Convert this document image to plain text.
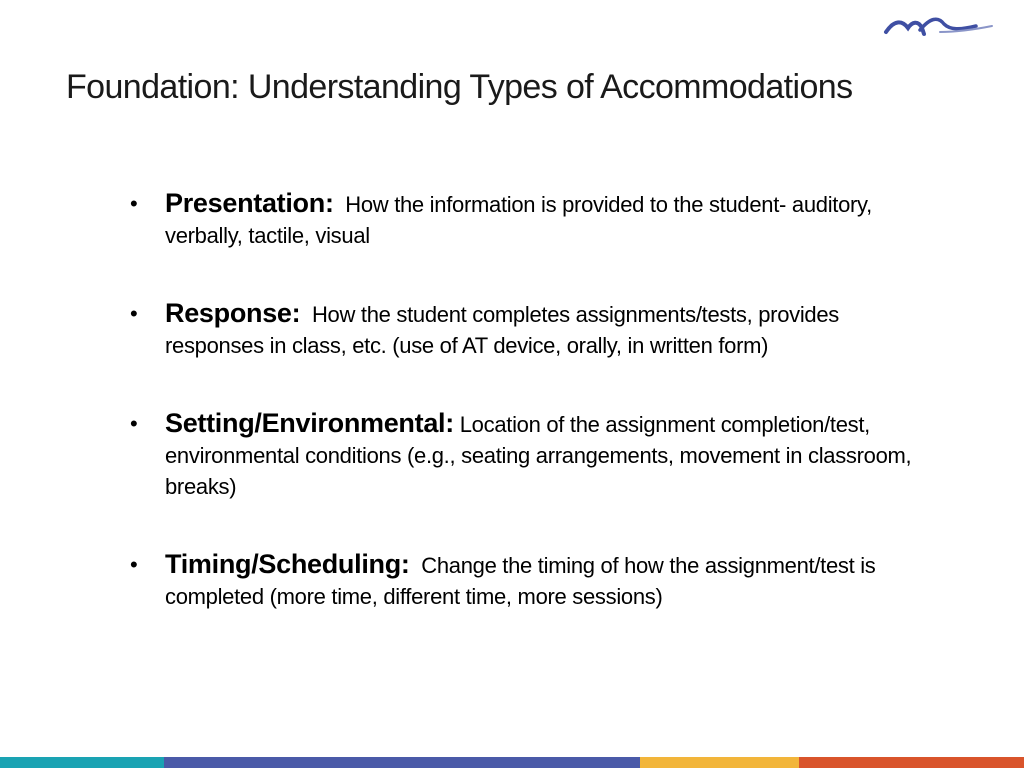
Foundation: Understanding Types of Accommodations
• Presentation: How the information is provided to the student- auditory, verbally, tactile, visual
• Response: How the student completes assignments/tests, provides responses in class, etc. (use of AT device, orally, in written form)
• Setting/Environmental: Location of the assignment completion/test, environmental conditions (e.g., seating arrangements, movement in classroom, breaks)
• Timing/Scheduling: Change the timing of how the assignment/test is completed (more time, different time, more sessions)
